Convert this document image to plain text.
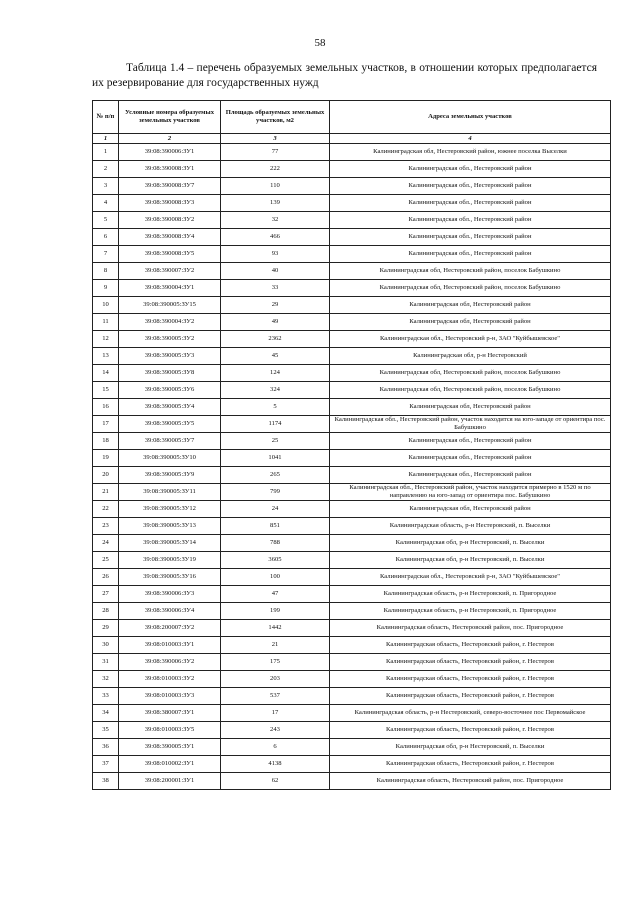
58
Таблица 1.4 – перечень образуемых земельных участков, в отношении которых предполагается их резервирование для государственных нужд
№ п/п	Условные номера образуемых земельных участков	Площадь образуемых земельных участков, м2	Адреса земельных участков
1	2	3	4
1	39:08:390006:ЗУ1	77	Калининградская обл, Нестеровский район, южнее поселка Выселки
2	39:08:390008:ЗУ1	222	Калининградская обл., Нестеровский район
3	39:08:390008:ЗУ7	110	Калининградская обл., Нестеровский район
4	39:08:390008:ЗУ3	139	Калининградская обл., Нестеровский район
5	39:08:390008:ЗУ2	32	Калининградская обл., Нестеровский район
6	39:08:390008:ЗУ4	466	Калининградская обл., Нестеровский район
7	39:08:390008:ЗУ5	93	Калининградская обл., Нестеровский район
8	39:08:390007:ЗУ2	40	Калининградская обл, Нестеровский район, поселок Бабушкино
9	39:08:390004:ЗУ1	33	Калининградская обл, Нестеровский район, поселок Бабушкино
10	39:08:390005:ЗУ15	29	Калининградская обл, Нестеровский район
11	39:08:390004:ЗУ2	49	Калининградская обл, Нестеровский район
12	39:08:390005:ЗУ2	2362	Калининградская обл., Нестеровский р-н, ЗАО "Куйбышевское"
13	39:08:390005:ЗУ3	45	Калининградская обл, р-н Нестеровский
14	39:08:390005:ЗУ8	124	Калининградская обл, Нестеровский район, поселок Бабушкино
15	39:08:390005:ЗУ6	324	Калининградская обл, Нестеровский район, поселок Бабушкино
16	39:08:390005:ЗУ4	5	Калининградская обл, Нестеровский район
17	39:08:390005:ЗУ5	1174	Калининградская обл., Нестеровский район, участок находится на юго-западе от ориентира пос. Бабушкино
18	39:08:390005:ЗУ7	25	Калининградская обл., Нестеровский район
19	39:08:390005:ЗУ10	1041	Калининградская обл., Нестеровский район
20	39:08:390005:ЗУ9	265	Калининградская обл., Нестеровский район
21	39:08:390005:ЗУ11	799	Калининградская обл., Нестеровский район, участок находится примерно в 1520 м по направлению на юго-запад от ориентира пос. Бабушкино
22	39:08:390005:ЗУ12	24	Калининградская обл, Нестеровский район
23	39:08:390005:ЗУ13	851	Калининградская область, р-н Нестеровский, п. Выселки
24	39:08:390005:ЗУ14	788	Калининградская обл, р-н Нестеровский, п. Выселки
25	39:08:390005:ЗУ19	3605	Калининградская обл, р-н Нестеровский, п. Выселки
26	39:08:390005:ЗУ16	100	Калининградская обл., Нестеровский р-н, ЗАО "Куйбышевское"
27	39:08:390006:ЗУ3	47	Калининградская область, р-н Нестеровский, п. Пригородное
28	39:08:390006:ЗУ4	199	Калининградская область, р-н Нестеровский, п. Пригородное
29	39:08:200007:ЗУ2	1442	Калининградская область, Нестеровский район, пос. Пригородное
30	39:08:010003:ЗУ1	21	Калининградская область, Нестеровский район, г. Нестеров
31	39:08:390006:ЗУ2	175	Калининградская область, Нестеровский район, г. Нестеров
32	39:08:010003:ЗУ2	203	Калининградская область, Нестеровский район, г. Нестеров
33	39:08:010003:ЗУ3	537	Калининградская область, Нестеровский район, г. Нестеров
34	39:08:380007:ЗУ1	17	Калининградская область, р-н Нестеровский, северо-восточнее пос Первомайское
35	39:08:010003:ЗУ5	243	Калининградская область, Нестеровский район, г. Нестеров
36	39:08:390005:ЗУ1	6	Калининградская обл, р-н Нестеровский, п. Выселки
37	39:08:010002:ЗУ1	4138	Калининградская область, Нестеровский район, г. Нестеров
38	39:08:200001:ЗУ1	62	Калининградская область, Нестеровский район, пос. Пригородное
